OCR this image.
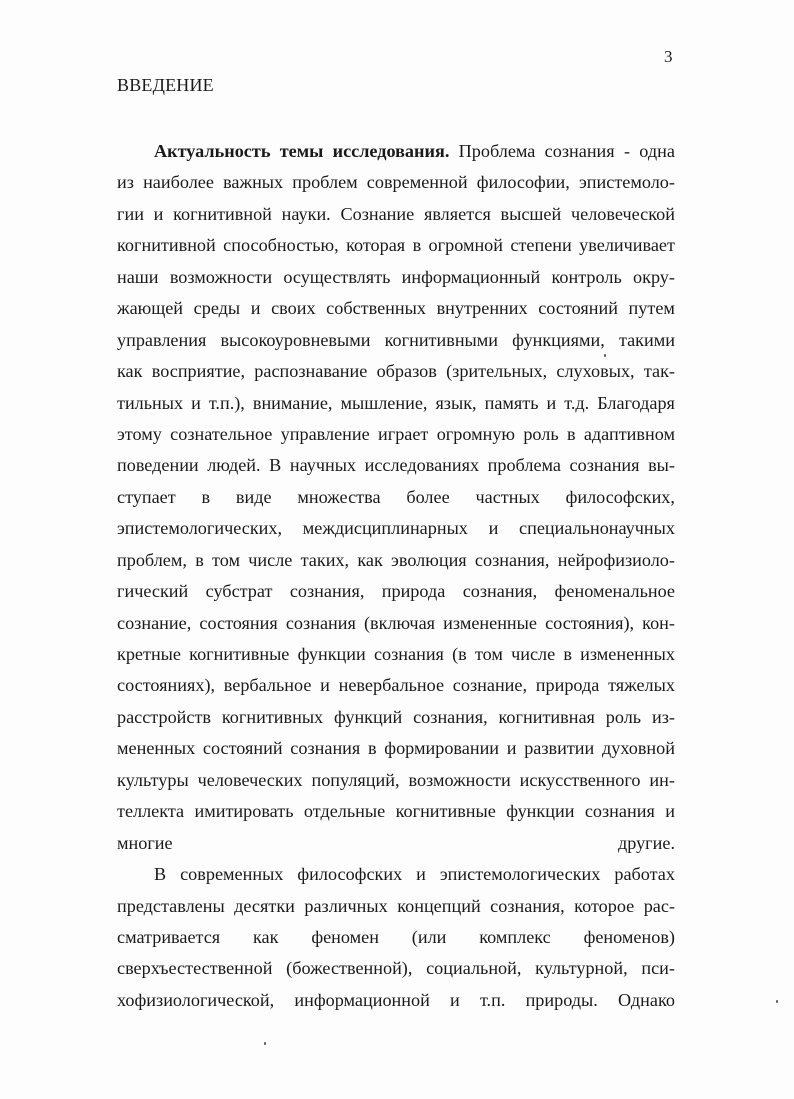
3
ВВЕДЕНИЕ
Актуальность темы исследования. Проблема сознания - одна
из наиболее важных проблем современной философии, эпистемоло-
гии и когнитивной науки. Сознание является высшей человеческой
когнитивной способностью, которая в огромной степени увеличивает
наши возможности осуществлять информационный контроль окру-
жающей среды и своих собственных внутренних состояний путем
управления высокоуровневыми когнитивными функциями, такими
как восприятие, распознавание образов (зрительных, слуховых, так-
тильных и т.п.), внимание, мышление, язык, память и т.д. Благодаря
этому сознательное управление играет огромную роль в адаптивном
поведении людей. В научных исследованиях проблема сознания вы-
ступает в виде множества более частных философских,
эпистемологических, междисциплинарных и специальнонаучных
проблем, в том числе таких, как эволюция сознания, нейрофизиоло-
гический субстрат сознания, природа сознания, феноменальное
сознание, состояния сознания (включая измененные состояния), кон-
кретные когнитивные функции сознания (в том числе в измененных
состояниях), вербальное и невербальное сознание, природа тяжелых
расстройств когнитивных функций сознания, когнитивная роль из-
мененных состояний сознания в формировании и развитии духовной
культуры человеческих популяций, возможности искусственного ин-
теллекта имитировать отдельные когнитивные функции сознания и
многие другие.
В современных философских и эпистемологических работах
представлены десятки различных концепций сознания, которое рас-
сматривается как феномен (или комплекс феноменов)
сверхъестественной (божественной), социальной, культурной, пси-
хофизиологической, информационной и т.п. природы. Однако
